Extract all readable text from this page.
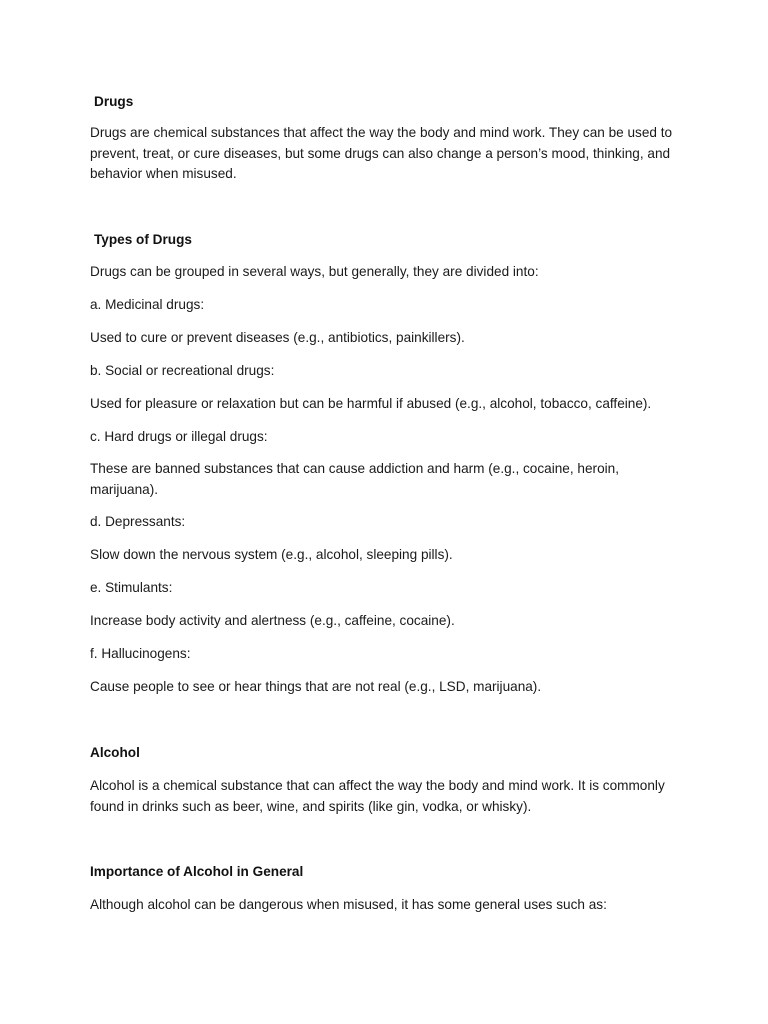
Drugs
Drugs are chemical substances that affect the way the body and mind work. They can be used to prevent, treat, or cure diseases, but some drugs can also change a person’s mood, thinking, and behavior when misused.
Types of Drugs
Drugs can be grouped in several ways, but generally, they are divided into:
a. Medicinal drugs:
Used to cure or prevent diseases (e.g., antibiotics, painkillers).
b. Social or recreational drugs:
Used for pleasure or relaxation but can be harmful if abused (e.g., alcohol, tobacco, caffeine).
c. Hard drugs or illegal drugs:
These are banned substances that can cause addiction and harm (e.g., cocaine, heroin, marijuana).
d. Depressants:
Slow down the nervous system (e.g., alcohol, sleeping pills).
e. Stimulants:
Increase body activity and alertness (e.g., caffeine, cocaine).
f. Hallucinogens:
Cause people to see or hear things that are not real (e.g., LSD, marijuana).
Alcohol
Alcohol is a chemical substance that can affect the way the body and mind work. It is commonly found in drinks such as beer, wine, and spirits (like gin, vodka, or whisky).
Importance of Alcohol in General
Although alcohol can be dangerous when misused, it has some general uses such as:
